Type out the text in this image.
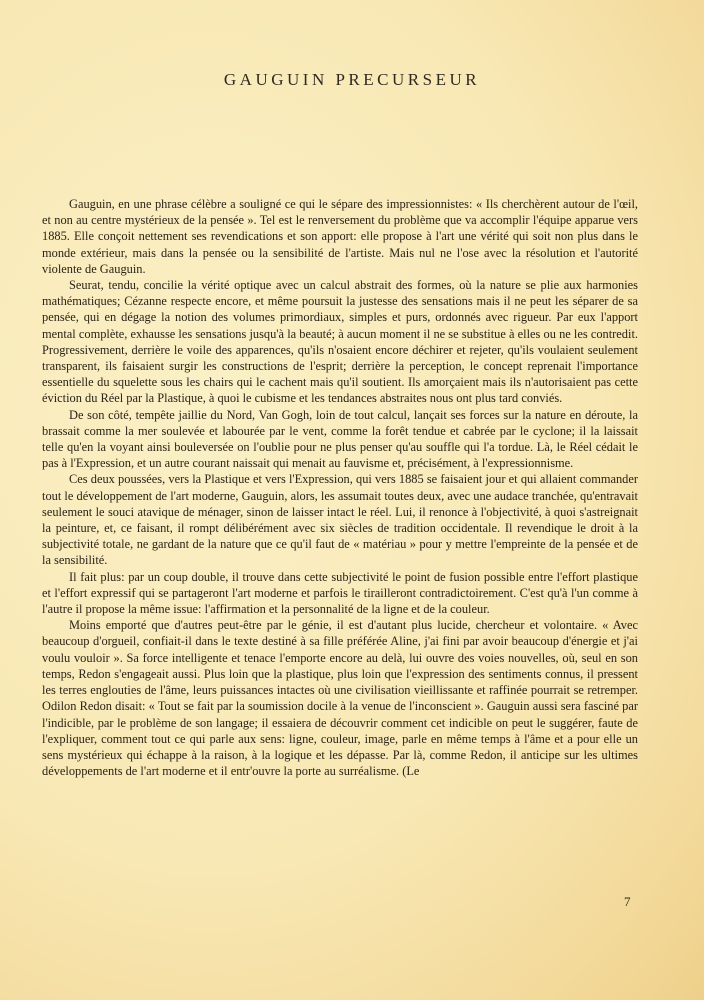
GAUGUIN PRECURSEUR

Gauguin, en une phrase célèbre a souligné ce qui le sépare des impressionnistes: « Ils cherchèrent autour de l'œil, et non au centre mystérieux de la pensée ». Tel est le renversement du problème que va accomplir l'équipe apparue vers 1885. Elle conçoit nettement ses revendications et son apport: elle propose à l'art une vérité qui soit non plus dans le monde extérieur, mais dans la pensée ou la sensibilité de l'artiste. Mais nul ne l'ose avec la résolution et l'autorité violente de Gauguin.

Seurat, tendu, concilie la vérité optique avec un calcul abstrait des formes, où la nature se plie aux harmonies mathématiques; Cézanne respecte encore, et même poursuit la justesse des sensations mais il ne peut les séparer de sa pensée, qui en dégage la notion des volumes primordiaux, simples et purs, ordonnés avec rigueur. Par eux l'apport mental complète, exhausse les sensations jusqu'à la beauté; à aucun moment il ne se substitue à elles ou ne les contredit. Progressivement, derrière le voile des apparences, qu'ils n'osaient encore déchirer et rejeter, qu'ils voulaient seulement transparent, ils faisaient surgir les constructions de l'esprit; derrière la perception, le concept reprenait l'importance essentielle du squelette sous les chairs qui le cachent mais qu'il soutient. Ils amorçaient mais ils n'autorisaient pas cette éviction du Réel par la Plastique, à quoi le cubisme et les tendances abstraites nous ont plus tard conviés.

De son côté, tempête jaillie du Nord, Van Gogh, loin de tout calcul, lançait ses forces sur la nature en déroute, la brassait comme la mer soulevée et labourée par le vent, comme la forêt tendue et cabrée par le cyclone; il la laissait telle qu'en la voyant ainsi bouleversée on l'oublie pour ne plus penser qu'au souffle qui l'a tordue. Là, le Réel cédait le pas à l'Expression, et un autre courant naissait qui menait au fauvisme et, précisément, à l'expressionnisme.

Ces deux poussées, vers la Plastique et vers l'Expression, qui vers 1885 se faisaient jour et qui allaient commander tout le développement de l'art moderne, Gauguin, alors, les assumait toutes deux, avec une audace tranchée, qu'entravait seulement le souci atavique de ménager, sinon de laisser intact le réel. Lui, il renonce à l'objectivité, à quoi s'astreignait la peinture, et, ce faisant, il rompt délibérément avec six siècles de tradition occidentale. Il revendique le droit à la subjectivité totale, ne gardant de la nature que ce qu'il faut de « matériau » pour y mettre l'empreinte de la pensée et de la sensibilité.

Il fait plus: par un coup double, il trouve dans cette subjectivité le point de fusion possible entre l'effort plastique et l'effort expressif qui se partageront l'art moderne et parfois le tirailleront contradictoirement. C'est qu'à l'un comme à l'autre il propose la même issue: l'affirmation et la personnalité de la ligne et de la couleur.

Moins emporté que d'autres peut-être par le génie, il est d'autant plus lucide, chercheur et volontaire. « Avec beaucoup d'orgueil, confiait-il dans le texte destiné à sa fille préférée Aline, j'ai fini par avoir beaucoup d'énergie et j'ai voulu vouloir ». Sa force intelligente et tenace l'emporte encore au delà, lui ouvre des voies nouvelles, où, seul en son temps, Redon s'engageait aussi. Plus loin que la plastique, plus loin que l'expression des sentiments connus, il pressent les terres englouties de l'âme, leurs puissances intactes où une civilisation vieillissante et raffinée pourrait se retremper. Odilon Redon disait: « Tout se fait par la soumission docile à la venue de l'inconscient ». Gauguin aussi sera fasciné par l'indicible, par le problème de son langage; il essaiera de découvrir comment cet indicible on peut le suggérer, faute de l'expliquer, comment tout ce qui parle aux sens: ligne, couleur, image, parle en même temps à l'âme et a pour elle un sens mystérieux qui échappe à la raison, à la logique et les dépasse. Par là, comme Redon, il anticipe sur les ultimes développements de l'art moderne et il entr'ouvre la porte au surréalisme. (Le

7
